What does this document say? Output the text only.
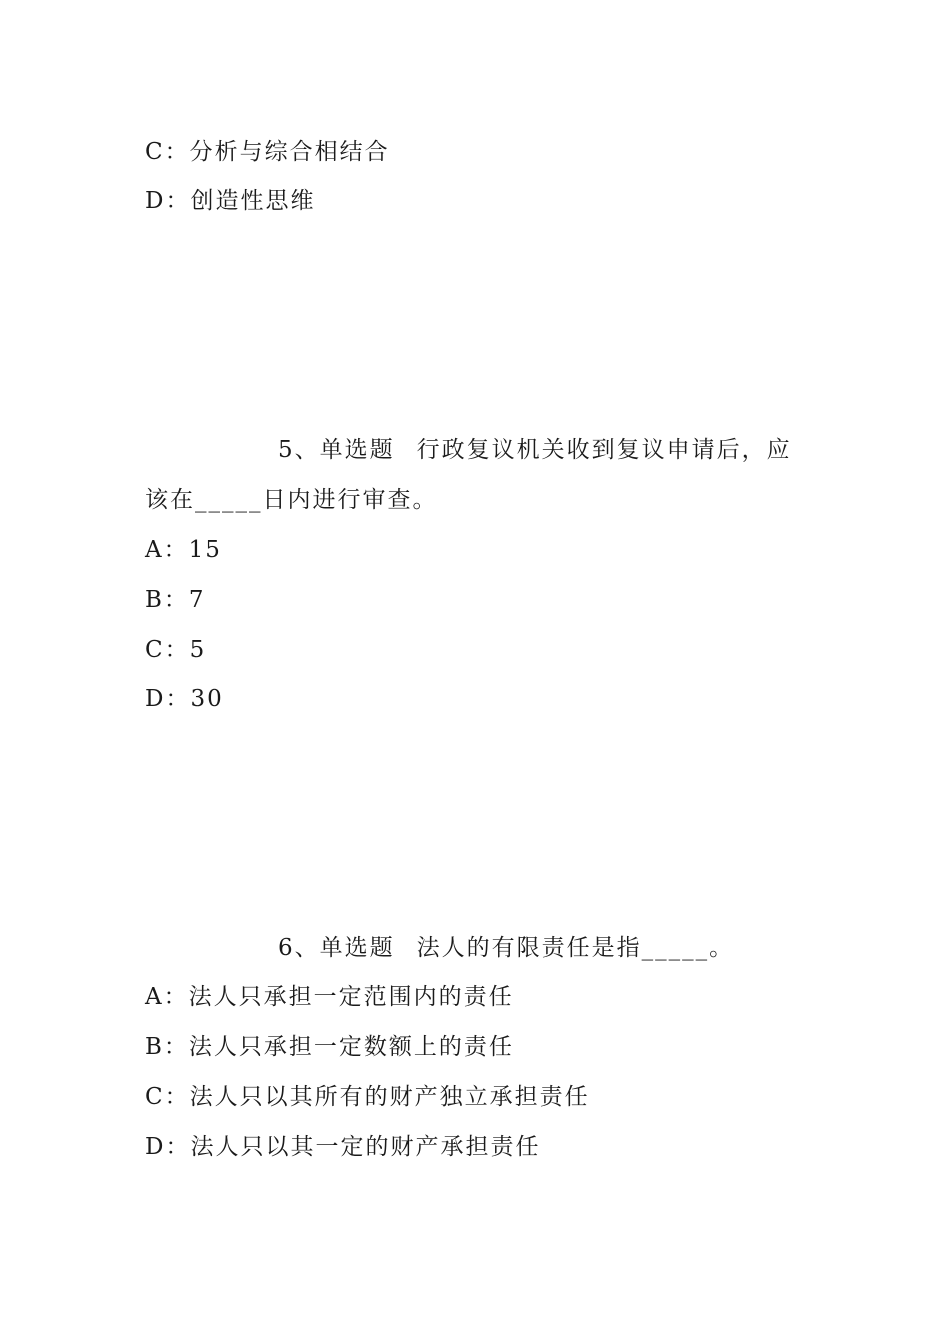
C：分析与综合相结合
D：创造性思维
5、单选题 行政复议机关收到复议申请后，应
该在_____日内进行审查。
A：15
B：7
C：5
D：30
6、单选题 法人的有限责任是指_____。
A：法人只承担一定范围内的责任
B：法人只承担一定数额上的责任
C：法人只以其所有的财产独立承担责任
D：法人只以其一定的财产承担责任
